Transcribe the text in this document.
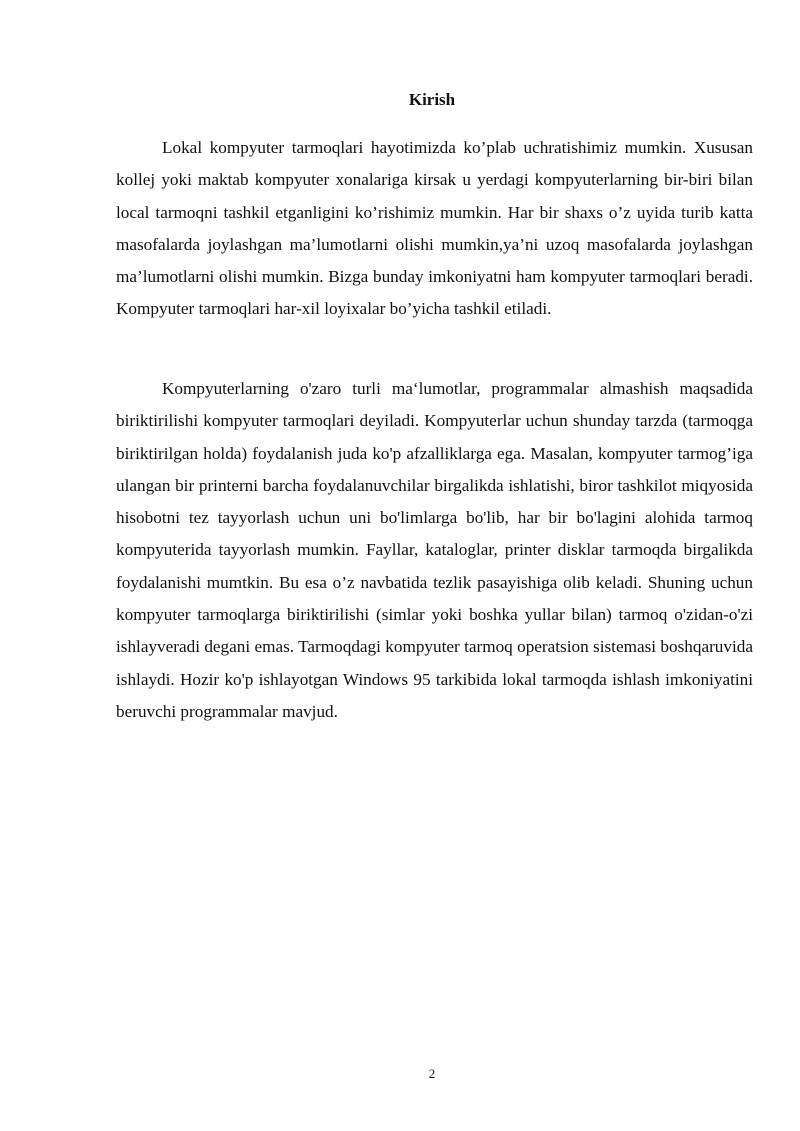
Kirish

Lokal kompyuter tarmoqlari hayotimizda ko’plab uchratishimiz mumkin. Xususan kollej yoki maktab kompyuter xonalariga kirsak u yerdagi kompyuterlarning bir-biri bilan local tarmoqni tashkil etganligini ko’rishimiz mumkin. Har bir shaxs o’z uyida turib katta masofalarda joylashgan ma’lumotlarni olishi mumkin,ya’ni uzoq masofalarda joylashgan ma’lumotlarni olishi mumkin. Bizga bunday imkoniyatni ham kompyuter tarmoqlari beradi. Kompyuter tarmoqlari har-xil loyixalar bo’yicha tashkil etiladi.

Kompyuterlarning o'zaro turli ma‘lumotlar, programmalar almashish maqsadida biriktirilishi kompyuter tarmoqlari deyiladi. Kompyuterlar uchun shunday tarzda (tarmoqga biriktirilgan holda) foydalanish juda ko'p afzalliklarga ega. Masalan, kompyuter tarmog’iga ulangan bir printerni barcha foydalanuvchilar birgalikda ishlatishi, biror tashkilot miqyosida hisobotni tez tayyorlash uchun uni bo'limlarga bo'lib, har bir bo'lagini alohida tarmoq kompyuterida tayyorlash mumkin. Fayllar, kataloglar, printer disklar tarmoqda birgalikda foydalanishi mumtkin. Bu esa o’z navbatida tezlik pasayishiga olib keladi. Shuning uchun kompyuter tarmoqlarga biriktirilishi (simlar yoki boshka yullar bilan) tarmoq o'zidan-o'zi ishlayveradi degani emas. Tarmoqdagi kompyuter tarmoq operatsion sistemasi boshqaruvida ishlaydi. Hozir ko'p ishlayotgan Windows 95 tarkibida lokal tarmoqda ishlash imkoniyatini beruvchi programmalar mavjud.

2
